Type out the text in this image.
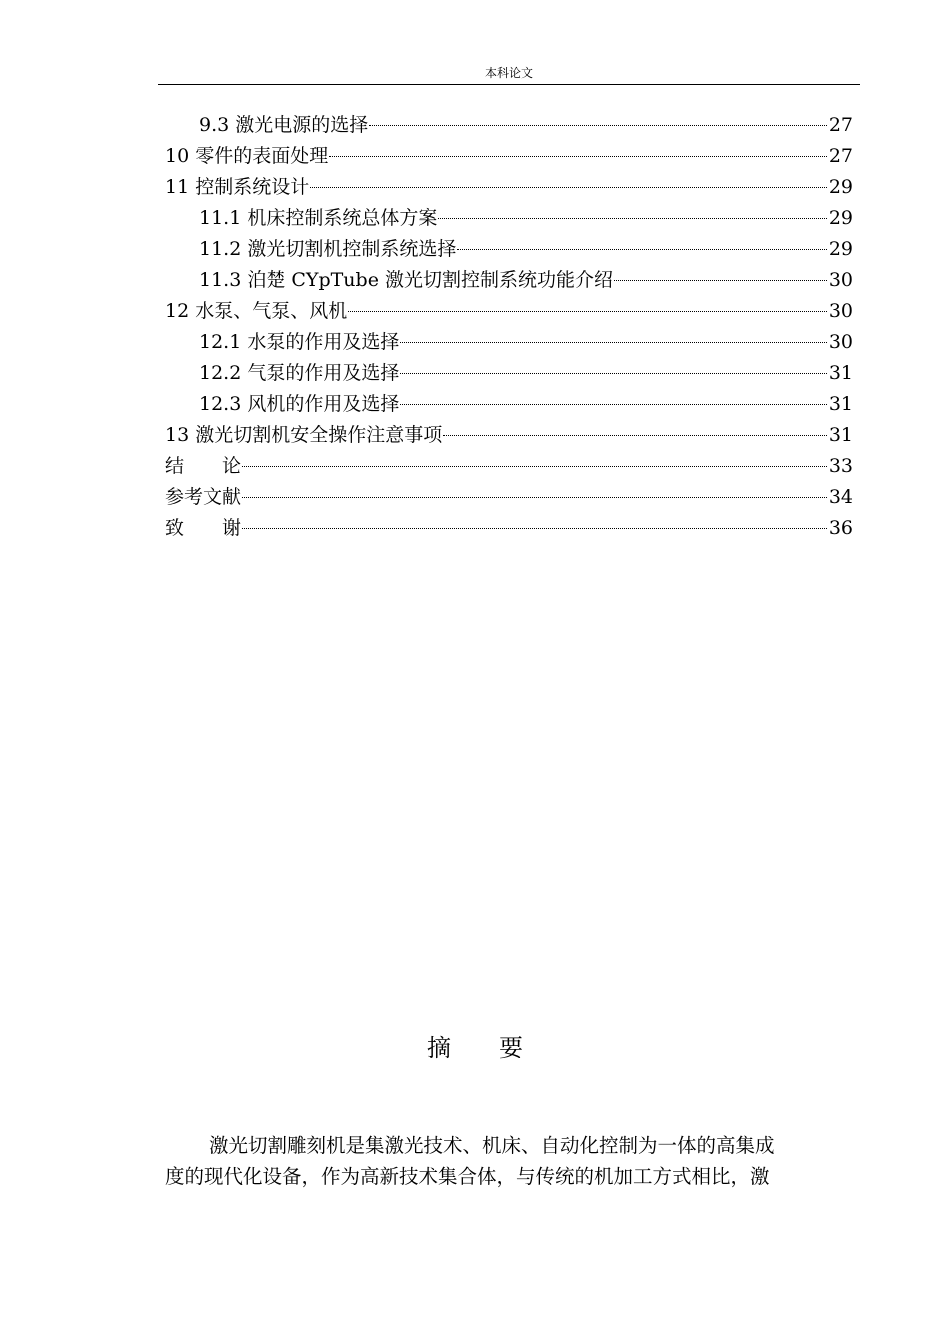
本科论文
9.3 激光电源的选择	27
10 零件的表面处理	27
11 控制系统设计	29
11.1 机床控制系统总体方案	29
11.2 激光切割机控制系统选择	29
11.3 泊楚 CYpTube 激光切割控制系统功能介绍	30
12 水泵、气泵、风机	30
12.1 水泵的作用及选择	30
12.2 气泵的作用及选择	31
12.3 风机的作用及选择	31
13 激光切割机安全操作注意事项	31
结　　论	33
参考文献	34
致　　谢	36
摘 要

激光切割雕刻机是集激光技术、机床、自动化控制为一体的高集成

度的现代化设备，作为高新技术集合体，与传统的机加工方式相比，激
